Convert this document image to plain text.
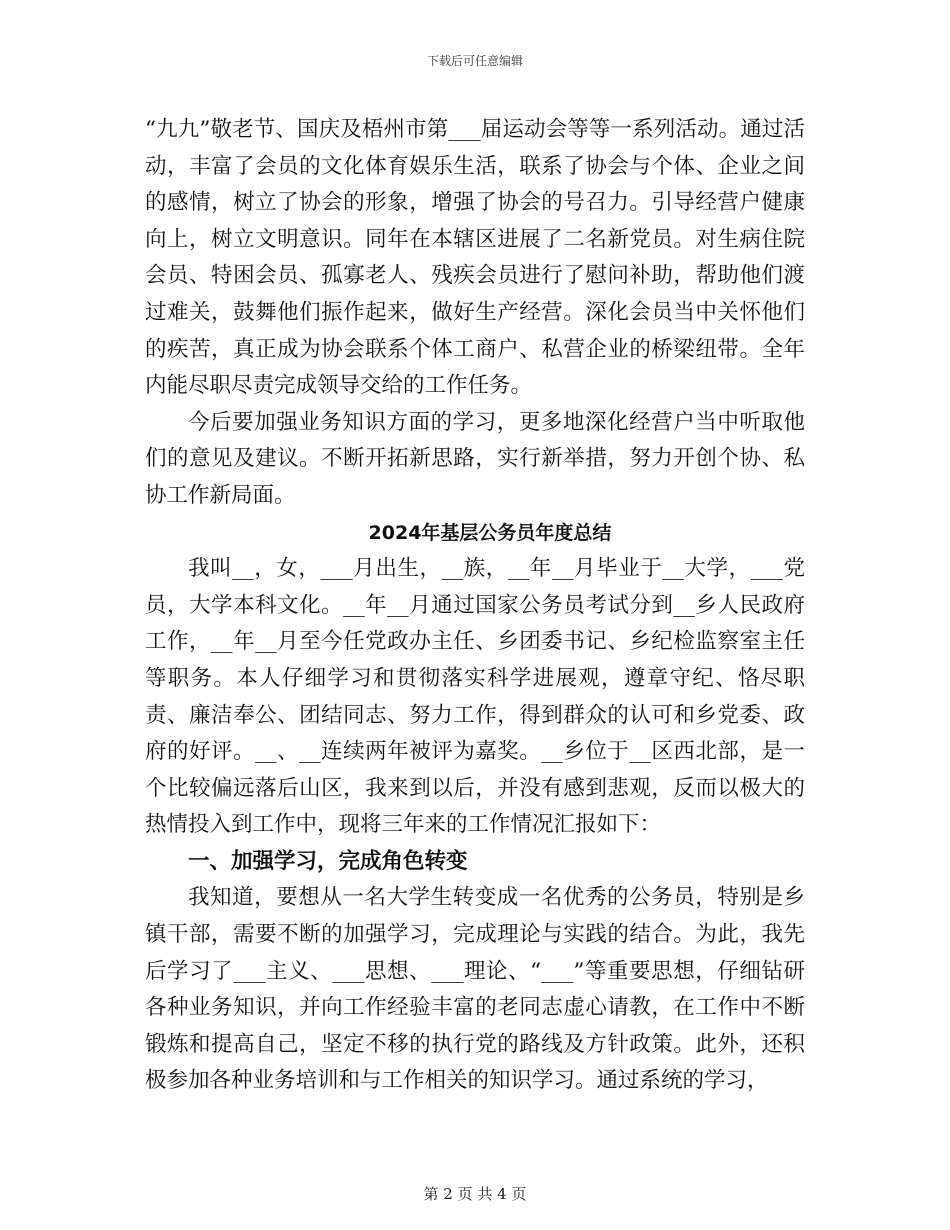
下载后可任意编辑

“九九”敬老节、国庆及梧州市第___届运动会等等一系列活动。通过活动，丰富了会员的文化体育娱乐生活，联系了协会与个体、企业之间的感情，树立了协会的形象，增强了协会的号召力。引导经营户健康向上，树立文明意识。同年在本辖区进展了二名新党员。对生病住院会员、特困会员、孤寡老人、残疾会员进行了慰问补助，帮助他们渡过难关，鼓舞他们振作起来，做好生产经营。深化会员当中关怀他们的疾苦，真正成为协会联系个体工商户、私营企业的桥梁纽带。全年内能尽职尽责完成领导交给的工作任务。

今后要加强业务知识方面的学习，更多地深化经营户当中听取他们的意见及建议。不断开拓新思路，实行新举措，努力开创个协、私协工作新局面。

2024年基层公务员年度总结

我叫__，女，___月出生，__族，__年__月毕业于__大学，___党员，大学本科文化。__年__月通过国家公务员考试分到__乡人民政府工作，__年__月至今任党政办主任、乡团委书记、乡纪检监察室主任等职务。本人仔细学习和贯彻落实科学进展观，遵章守纪、恪尽职责、廉洁奉公、团结同志、努力工作，得到群众的认可和乡党委、政府的好评。__、__连续两年被评为嘉奖。__乡位于__区西北部，是一个比较偏远落后山区，我来到以后，并没有感到悲观，反而以极大的热情投入到工作中，现将三年来的工作情况汇报如下：

一、加强学习，完成角色转变

我知道，要想从一名大学生转变成一名优秀的公务员，特别是乡镇干部，需要不断的加强学习，完成理论与实践的结合。为此，我先后学习了___主义、___思想、___理论、“___”等重要思想，仔细钻研各种业务知识，并向工作经验丰富的老同志虚心请教，在工作中不断锻炼和提高自己，坚定不移的执行党的路线及方针政策。此外，还积极参加各种业务培训和与工作相关的知识学习。通过系统的学习，

第 2 页 共 4 页
